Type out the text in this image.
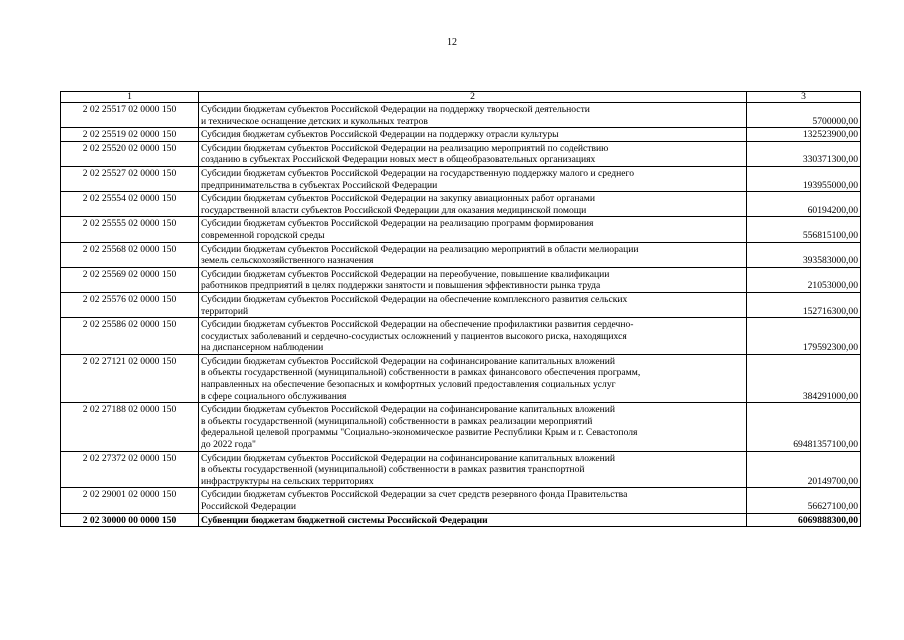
12
1	2	3
2 02 25517 02 0000 150	Субсидии бюджетам субъектов Российской Федерации на поддержку творческой деятельности
и техническое оснащение детских и кукольных театров	5700000,00
2 02 25519 02 0000 150	Субсидия бюджетам субъектов Российской Федерации на поддержку отрасли культуры	132523900,00
2 02 25520 02 0000 150	Субсидии бюджетам субъектов Российской Федерации на реализацию мероприятий по содействию
созданию в субъектах Российской Федерации новых мест в общеобразовательных организациях	330371300,00
2 02 25527 02 0000 150	Субсидии бюджетам субъектов Российской Федерации на государственную поддержку малого и среднего
предпринимательства в субъектах Российской Федерации	193955000,00
2 02 25554 02 0000 150	Субсидии бюджетам субъектов Российской Федерации на закупку авиационных работ органами
государственной власти субъектов Российской Федерации для оказания медицинской помощи	60194200,00
2 02 25555 02 0000 150	Субсидии бюджетам субъектов Российской Федерации на реализацию программ формирования
современной городской среды	556815100,00
2 02 25568 02 0000 150	Субсидии бюджетам субъектов Российской Федерации на реализацию мероприятий в области мелиорации
земель сельскохозяйственного назначения	393583000,00
2 02 25569 02 0000 150	Субсидии бюджетам субъектов Российской Федерации на переобучение, повышение квалификации
работников предприятий в целях поддержки занятости и повышения эффективности рынка труда	21053000,00
2 02 25576 02 0000 150	Субсидии бюджетам субъектов Российской Федерации на обеспечение комплексного развития сельских
территорий	152716300,00
2 02 25586 02 0000 150	Субсидии бюджетам субъектов Российской Федерации на обеспечение профилактики развития сердечно-
сосудистых заболеваний и сердечно-сосудистых осложнений у пациентов высокого риска, находящихся
на диспансерном наблюдении	179592300,00
2 02 27121 02 0000 150	Субсидии бюджетам субъектов Российской Федерации на софинансирование капитальных вложений
в объекты государственной (муниципальной) собственности в рамках финансового обеспечения программ,
направленных на обеспечение безопасных и комфортных условий предоставления социальных услуг
в сфере социального обслуживания	384291000,00
2 02 27188 02 0000 150	Субсидии бюджетам субъектов Российской Федерации на софинансирование капитальных вложений
в объекты государственной (муниципальной) собственности в рамках реализации мероприятий
федеральной целевой программы "Социально-экономическое развитие Республики Крым и г. Севастополя
до 2022 года"	69481357100,00
2 02 27372 02 0000 150	Субсидии бюджетам субъектов Российской Федерации на софинансирование капитальных вложений
в объекты государственной (муниципальной) собственности в рамках развития транспортной
инфраструктуры на сельских территориях	20149700,00
2 02 29001 02 0000 150	Субсидии бюджетам субъектов Российской Федерации за счет средств резервного фонда Правительства
Российской Федерации	56627100,00
2 02 30000 00 0000 150	Субвенции бюджетам бюджетной системы Российской Федерации	6069888300,00
